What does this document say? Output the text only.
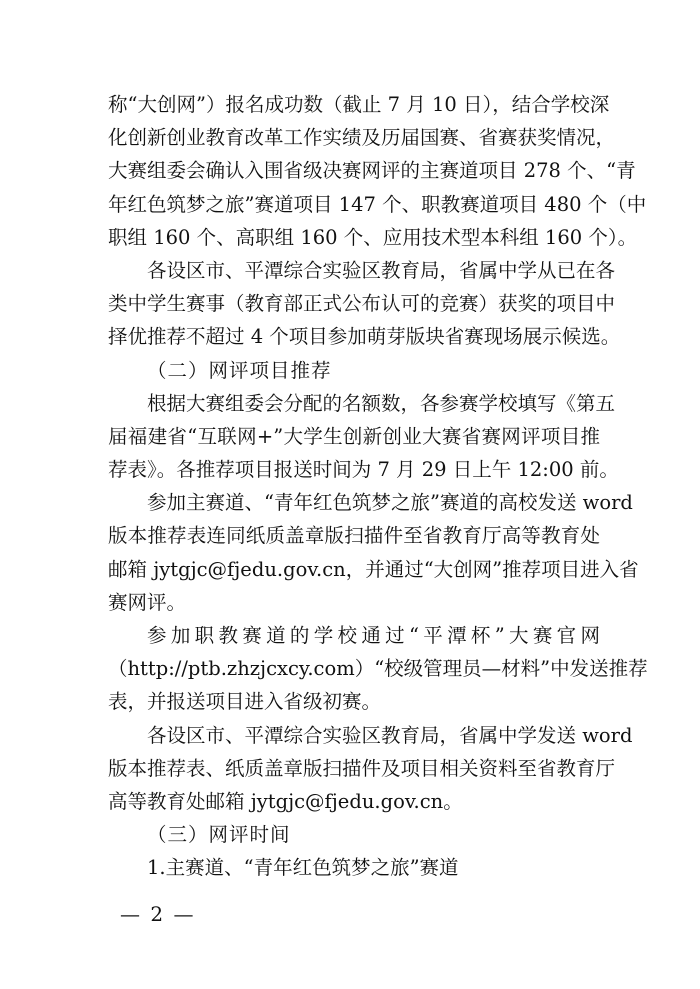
称“大创网”）报名成功数（截止 7 月 10 日），结合学校深
化创新创业教育改革工作实绩及历届国赛、省赛获奖情况，
大赛组委会确认入围省级决赛网评的主赛道项目 278 个、“青
年红色筑梦之旅”赛道项目 147 个、职教赛道项目 480 个（中
职组 160 个、高职组 160 个、应用技术型本科组 160 个）。
各设区市、平潭综合实验区教育局，省属中学从已在各
类中学生赛事（教育部正式公布认可的竞赛）获奖的项目中
择优推荐不超过 4 个项目参加萌芽版块省赛现场展示候选。
（二）网评项目推荐
根据大赛组委会分配的名额数，各参赛学校填写《第五
届福建省“互联网+”大学生创新创业大赛省赛网评项目推
荐表》。各推荐项目报送时间为 7 月 29 日上午 12:00 前。
参加主赛道、“青年红色筑梦之旅”赛道的高校发送 word
版本推荐表连同纸质盖章版扫描件至省教育厅高等教育处
邮箱 jytgjc@fjedu.gov.cn，并通过“大创网”推荐项目进入省
赛网评。
参加职教赛道的学校通过“平潭杯”大赛官网
（http://ptb.zhzjcxcy.com）“校级管理员—材料”中发送推荐
表，并报送项目进入省级初赛。
各设区市、平潭综合实验区教育局，省属中学发送 word
版本推荐表、纸质盖章版扫描件及项目相关资料至省教育厅
高等教育处邮箱 jytgjc@fjedu.gov.cn。
（三）网评时间
1.主赛道、“青年红色筑梦之旅”赛道
— 2 —
